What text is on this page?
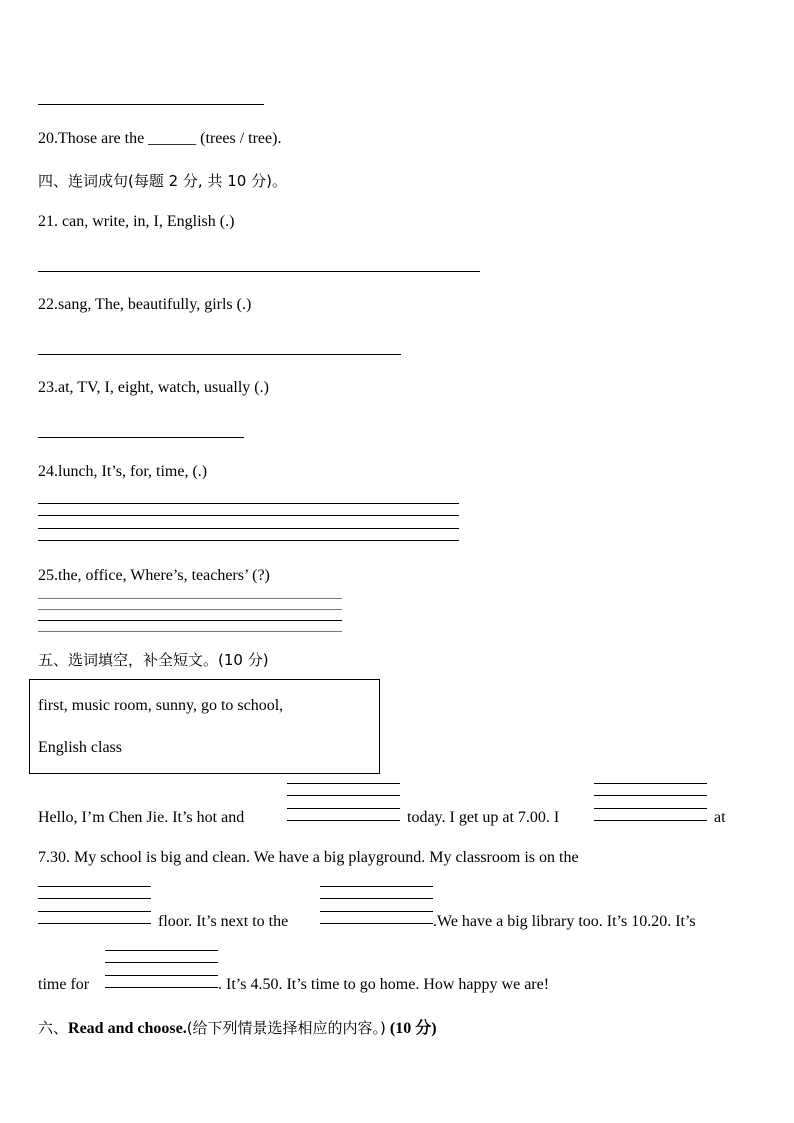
20.Those are the ______ (trees / tree).
四、连词成句(每题 2 分, 共 10 分)。
21. can, write, in, I, English (.)
22.sang, The, beautifully, girls (.)
23.at, TV, I, eight, watch, usually (.)
24.lunch, It’s, for, time, (.)
25.the, office, Where’s, teachers’ (?)
五、选词填空，补全短文。(10 分)
first, music room, sunny, go to school,
English class
Hello, I’m Chen Jie. It’s hot and	today. I get up at 7.00. I	at
7.30. My school is big and clean. We have a big playground. My classroom is on the
floor. It’s next to the	.We have a big library too. It’s 10.20. It’s
time for	. It’s 4.50. It’s time to go home. How happy we are!
六、Read and choose.(给下列情景选择相应的内容。) (10 分)
